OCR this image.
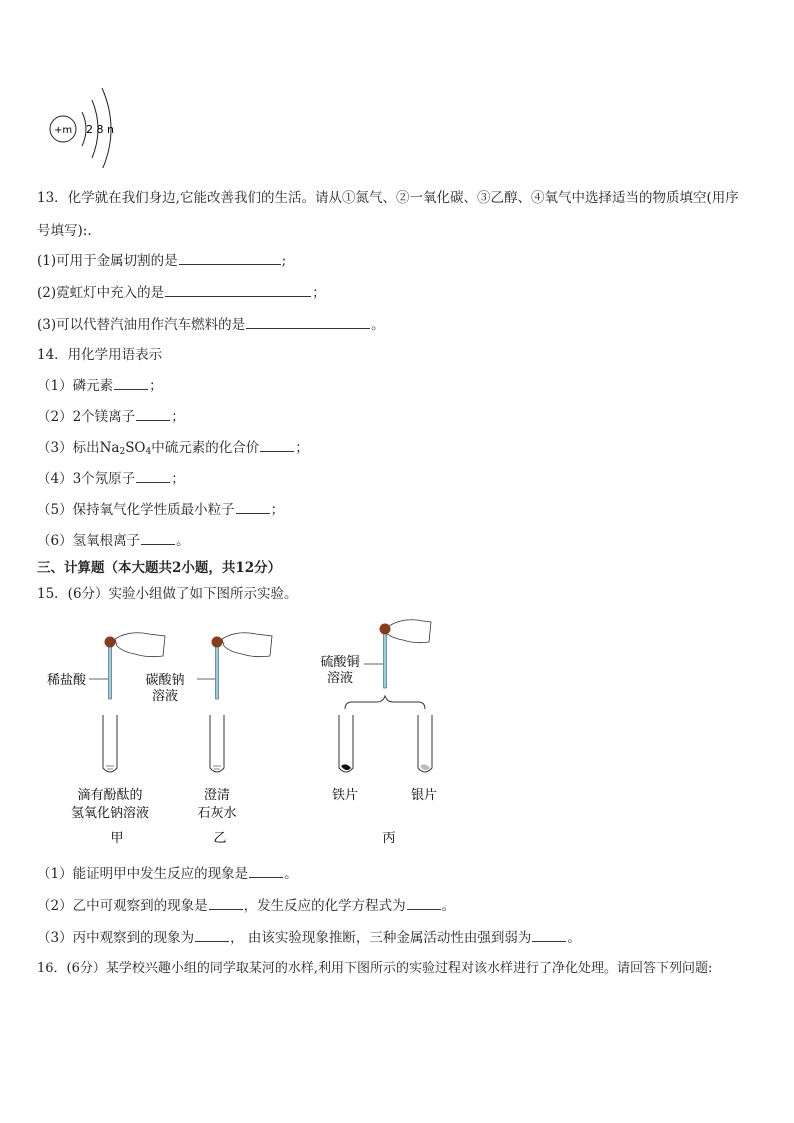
+m 2 8 n
13．化学就在我们身边,它能改善我们的生活。请从①氮气、②一氧化碳、③乙醇、④氧气中选择适当的物质填空(用序
号填写):.
(1)可用于金属切割的是	;
(2)霓虹灯中充入的是	；
(3)可以代替汽油用作汽车燃料的是	。
14．用化学用语表示
（1）磷元素	；
（2）2个镁离子	；
（3）标出$Na_2SO_4$中硫元素的化合价	；
（4）3个氖原子	；
（5）保持氧气化学性质最小粒子	；
（6）氢氧根离子	。
三、计算题（本大题共2小题，共12分）
15．(6分）实验小组做了如下图所示实验。
稀盐酸
滴有酚酞的
氢氧化钠溶液
甲
碳酸钠
溶液
澄清
石灰水
乙
硫酸铜
溶液
铁片	银片
丙
（1）能证明甲中发生反应的现象是	。
（2）乙中可观察到的现象是	，发生反应的化学方程式为	。
（3）丙中观察到的现象为	， 由该实验现象推断，三种金属活动性由强到弱为	。
16．(6分）某学校兴趣小组的同学取某河的水样,利用下图所示的实验过程对该水样进行了净化处理。请回答下列问题:
